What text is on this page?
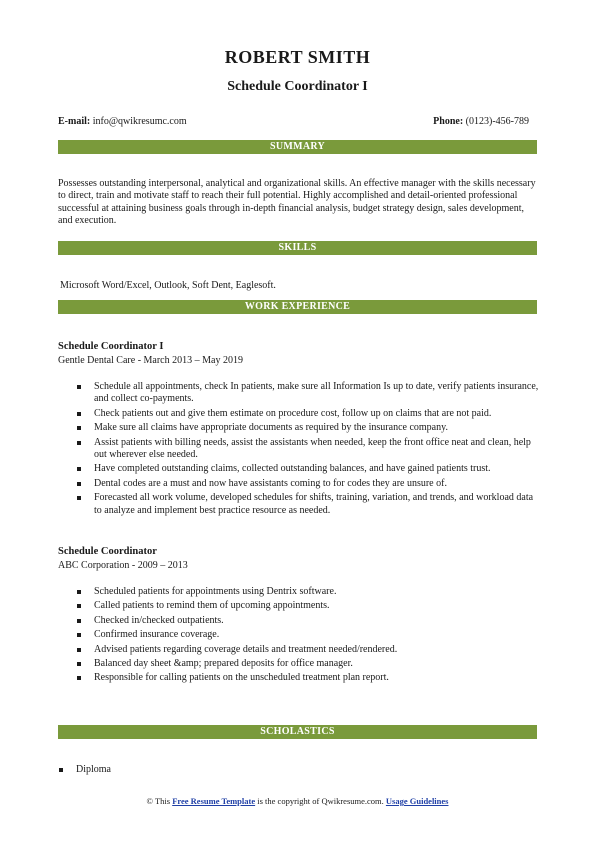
ROBERT SMITH
Schedule Coordinator I
E-mail: info@qwikresumc.com	Phone: (0123)-456-789
SUMMARY
Possesses outstanding interpersonal, analytical and organizational skills. An effective manager with the skills necessary to direct, train and motivate staff to reach their full potential. Highly accomplished and detail-oriented professional successful at attaining business goals through in-depth financial analysis, budget strategy design, sales development, and execution.
SKILLS
Microsoft Word/Excel, Outlook, Soft Dent, Eaglesoft.
WORK EXPERIENCE
Schedule Coordinator I
Gentle Dental Care - March 2013 – May 2019
Schedule all appointments, check In patients, make sure all Information Is up to date, verify patients insurance, and collect co-payments.
Check patients out and give them estimate on procedure cost, follow up on claims that are not paid.
Make sure all claims have appropriate documents as required by the insurance company.
Assist patients with billing needs, assist the assistants when needed, keep the front office neat and clean, help out wherever else needed.
Have completed outstanding claims, collected outstanding balances, and have gained patients trust.
Dental codes are a must and now have assistants coming to for codes they are unsure of.
Forecasted all work volume, developed schedules for shifts, training, variation, and trends, and workload data to analyze and implement best practice resource as needed.
Schedule Coordinator
ABC Corporation - 2009 – 2013
Scheduled patients for appointments using Dentrix software.
Called patients to remind them of upcoming appointments.
Checked in/checked outpatients.
Confirmed insurance coverage.
Advised patients regarding coverage details and treatment needed/rendered.
Balanced day sheet &amp; prepared deposits for office manager.
Responsible for calling patients on the unscheduled treatment plan report.
SCHOLASTICS
Diploma
© This Free Resume Template is the copyright of Qwikresume.com. Usage Guidelines
